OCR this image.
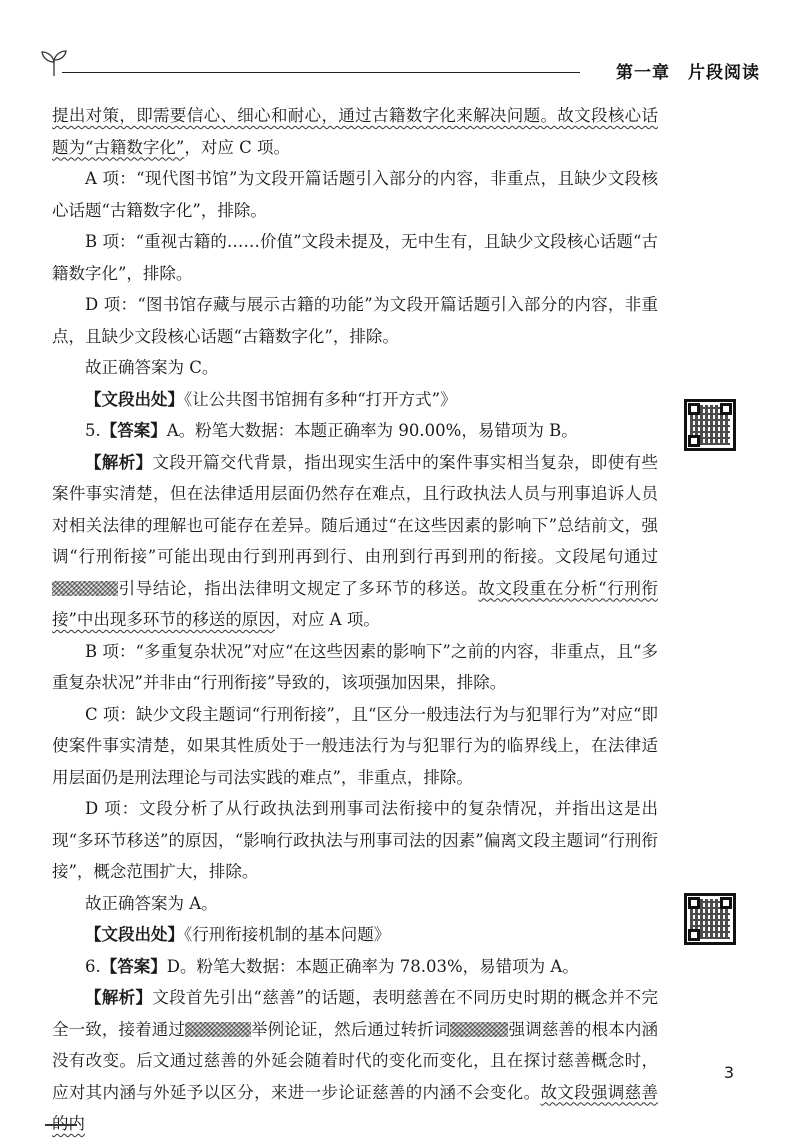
第一章　片段阅读

提出对策，即需要信心、细心和耐心，通过古籍数字化来解决问题。故文段核心话题为“古籍数字化”，对应 C 项。

A 项：“现代图书馆”为文段开篇话题引入部分的内容，非重点，且缺少文段核心话题“古籍数字化”，排除。

B 项：“重视古籍的……价值”文段未提及，无中生有，且缺少文段核心话题“古籍数字化”，排除。

D 项：“图书馆存藏与展示古籍的功能”为文段开篇话题引入部分的内容，非重点，且缺少文段核心话题“古籍数字化”，排除。

故正确答案为 C。

【文段出处】《让公共图书馆拥有多种“打开方式”》

5.【答案】A。粉笔大数据：本题正确率为 90.00%，易错项为 B。

【解析】文段开篇交代背景，指出现实生活中的案件事实相当复杂，即使有些案件事实清楚，但在法律适用层面仍然存在难点，且行政执法人员与刑事追诉人员对相关法律的理解也可能存在差异。随后通过“在这些因素的影响下”总结前文，强调“行刑衔接”可能出现由行到刑再到行、由刑到行再到刑的衔接。文段尾句通过引导结论，指出法律明文规定了多环节的移送。故文段重在分析“行刑衔接”中出现多环节的移送的原因，对应 A 项。

B 项：“多重复杂状况”对应“在这些因素的影响下”之前的内容，非重点，且“多重复杂状况”并非由“行刑衔接”导致的，该项强加因果，排除。

C 项：缺少文段主题词“行刑衔接”，且“区分一般违法行为与犯罪行为”对应“即使案件事实清楚，如果其性质处于一般违法行为与犯罪行为的临界线上，在法律适用层面仍是刑法理论与司法实践的难点”，非重点，排除。

D 项：文段分析了从行政执法到刑事司法衔接中的复杂情况，并指出这是出现“多环节移送”的原因，“影响行政执法与刑事司法的因素”偏离文段主题词“行刑衔接”，概念范围扩大，排除。

故正确答案为 A。

【文段出处】《行刑衔接机制的基本问题》

6.【答案】D。粉笔大数据：本题正确率为 78.03%，易错项为 A。

【解析】文段首先引出“慈善”的话题，表明慈善在不同历史时期的概念并不完全一致，接着通过	举例论证，然后通过转折词	强调慈善的根本内涵没有改变。后文通过慈善的外延会随着时代的变化而变化，且在探讨慈善概念时，应对其内涵与外延予以区分，来进一步论证慈善的内涵不会变化。故文段强调慈善的内

3
